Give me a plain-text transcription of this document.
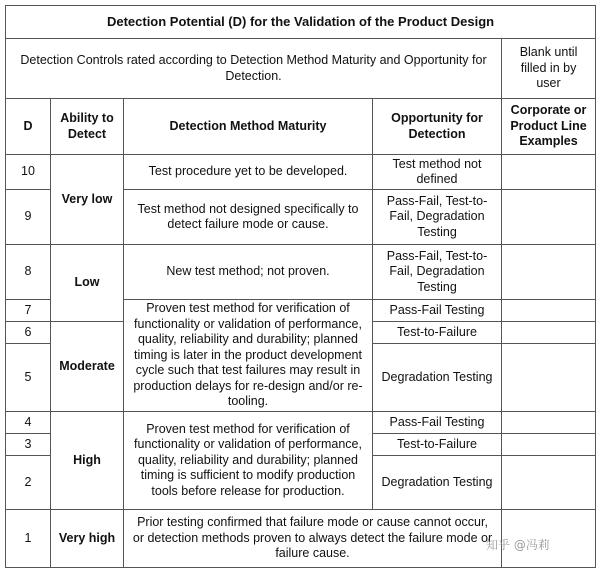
Detection Potential (D) for the Validation of the Product Design				
Detection Controls rated according to Detection Method Maturity and Opportunity for Detection.				Blank until filled in by user
D	Ability to Detect	Detection Method Maturity	Opportunity for Detection	Corporate or Product Line Examples
10	Very low	Test procedure yet to be developed.	Test method not defined	
9		Test method not designed specifically to detect failure mode or cause.	Pass-Fail, Test-to-Fail, Degradation Testing	
8	Low	New test method; not proven.	Pass-Fail, Test-to-Fail, Degradation Testing	
7		Proven test method for verification of functionality or validation of performance, quality, reliability and durability; planned timing is later in the product development cycle such that test failures may result in production delays for re-design and/or re-tooling.	Pass-Fail Testing	
6	Moderate		Test-to-Failure	
5			Degradation Testing	
4	High	Proven test method for verification of functionality or validation of performance, quality, reliability and durability; planned timing is sufficient to modify production tools before release for production.	Pass-Fail Testing	
3			Test-to-Failure	
2			Degradation Testing	
1	Very high	Prior testing confirmed that failure mode or cause cannot occur, or detection methods proven to always detect the failure mode or failure cause.		
知乎 @冯莉
